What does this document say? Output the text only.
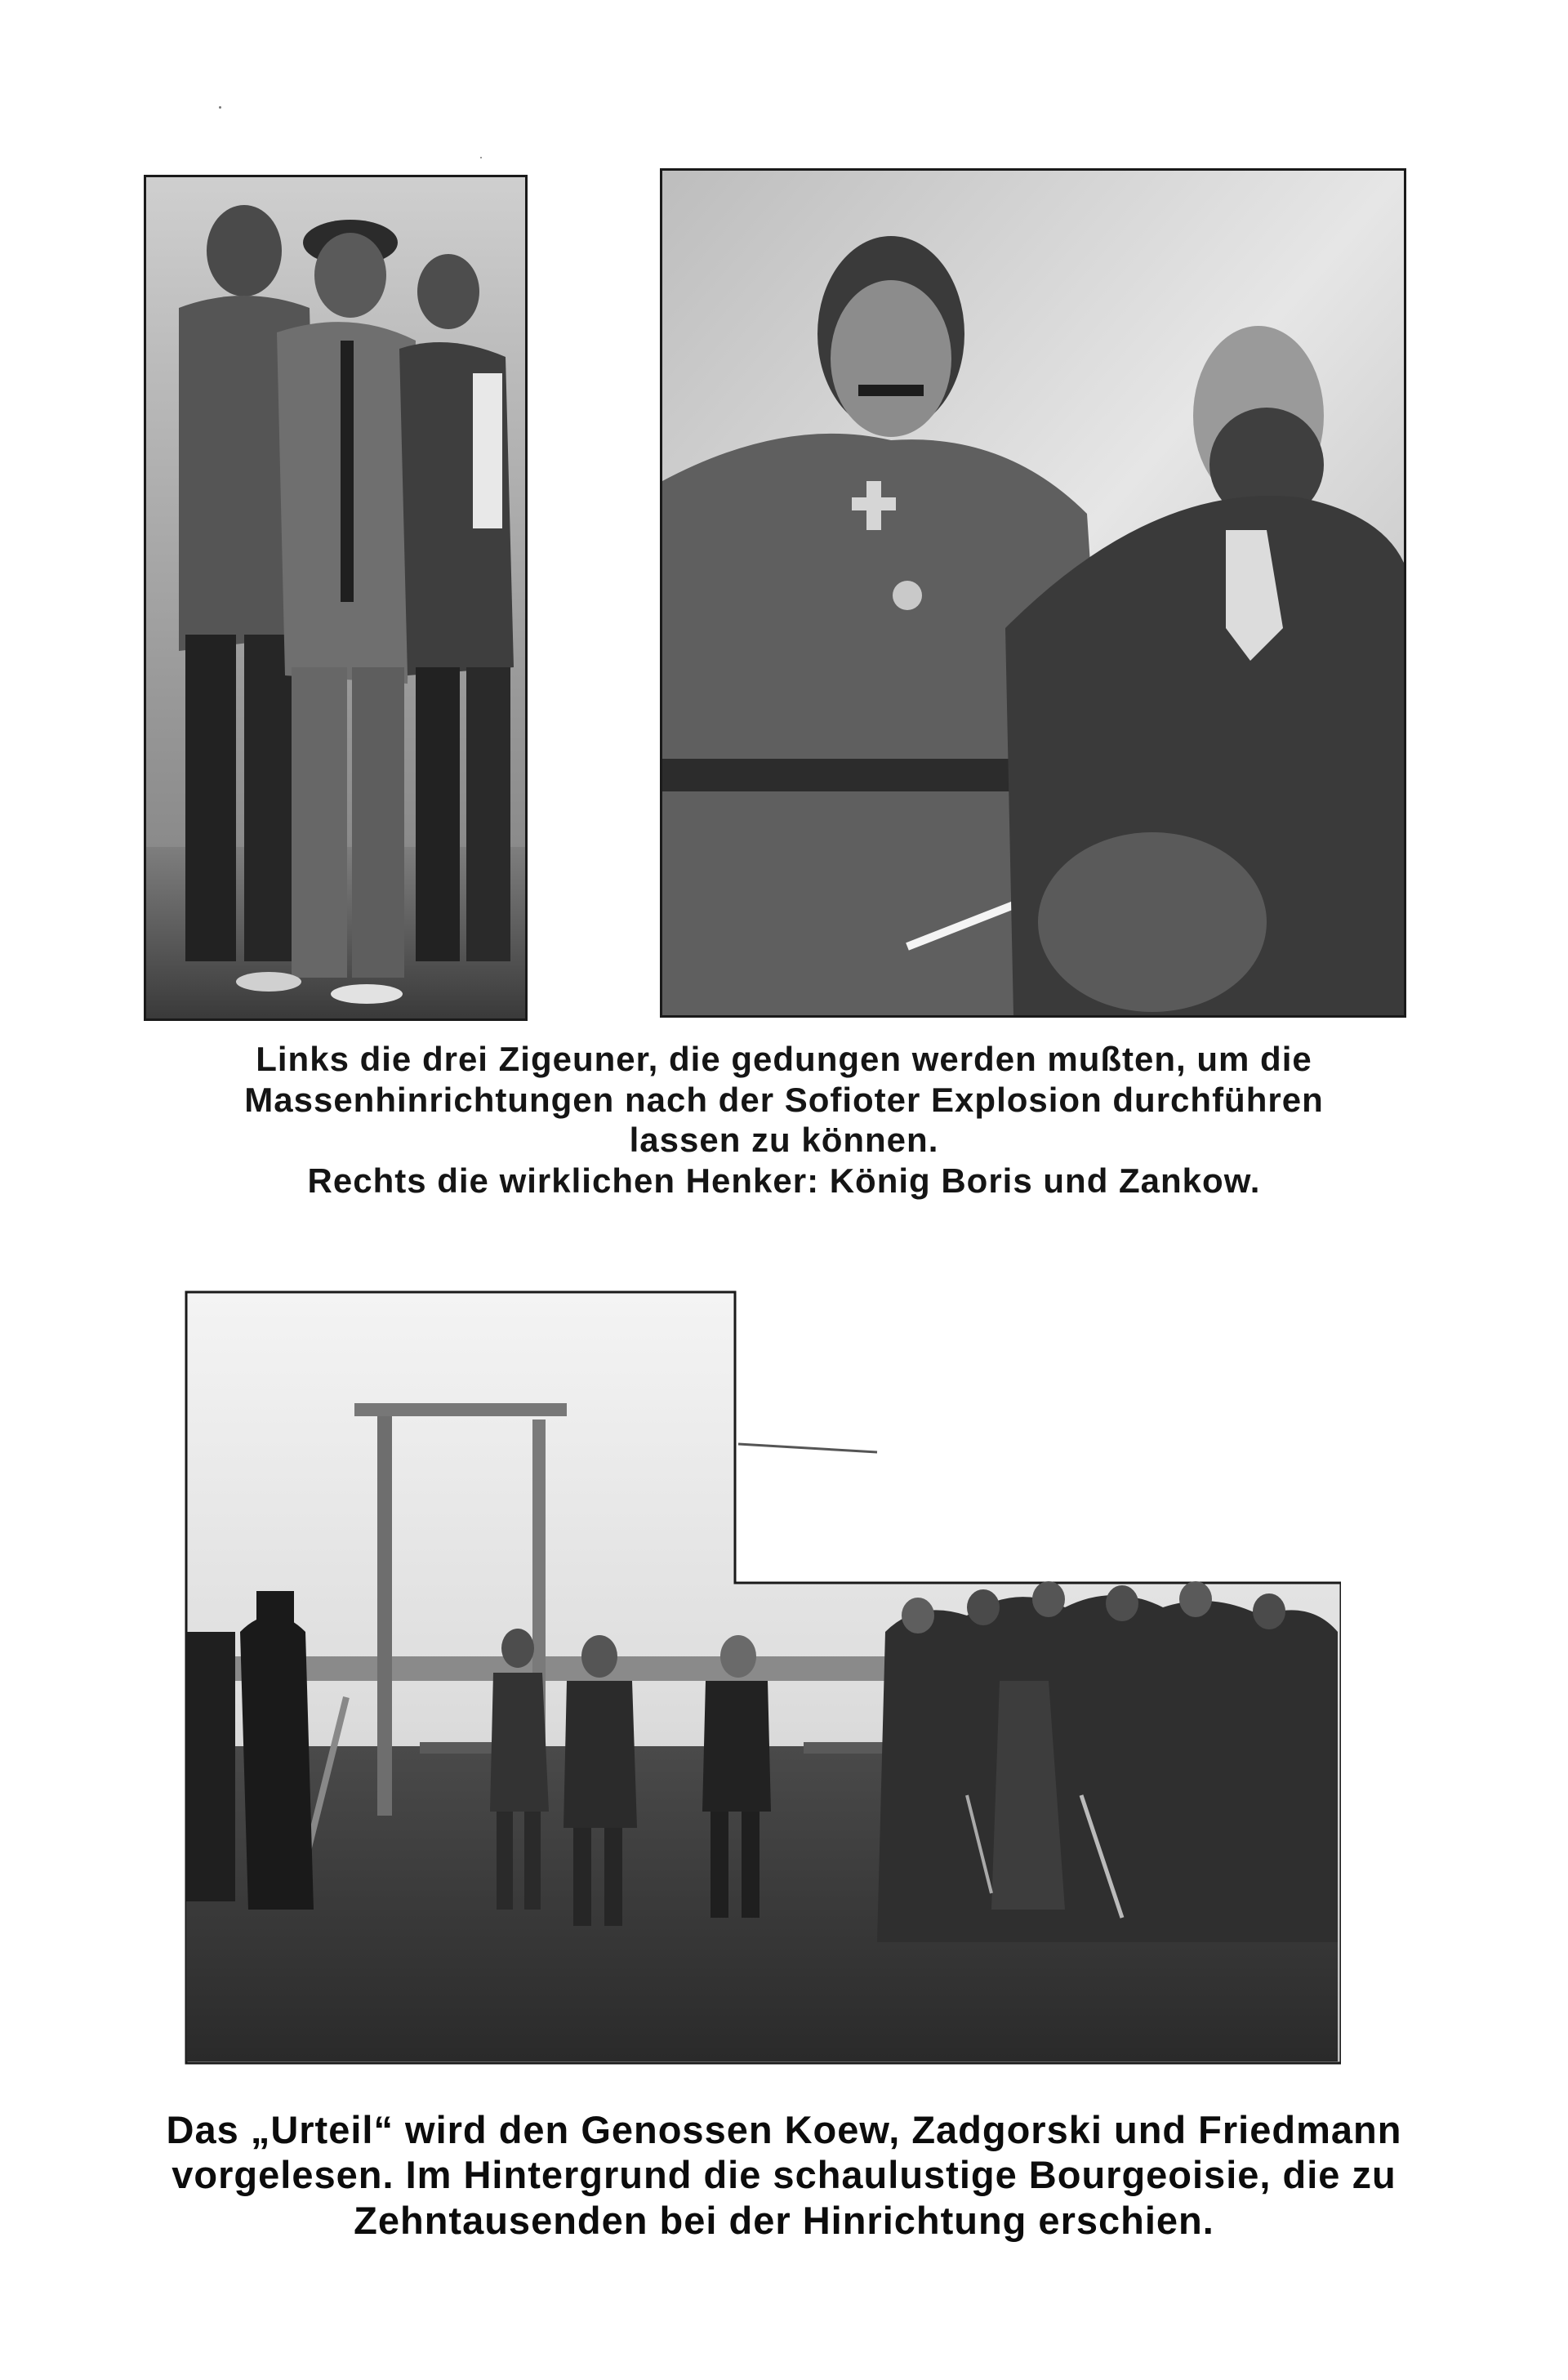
Links die drei Zigeuner, die gedungen werden mußten, um die
Massenhinrichtungen nach der Sofioter Explosion durchführen
lassen zu können.
Rechts die wirklichen Henker: König Boris und Zankow.
Das „Urteil“ wird den Genossen Koew, Zadgorski und Friedmann
vorgelesen. Im Hintergrund die schaulustige Bourgeoisie, die zu
Zehntausenden bei der Hinrichtung erschien.
